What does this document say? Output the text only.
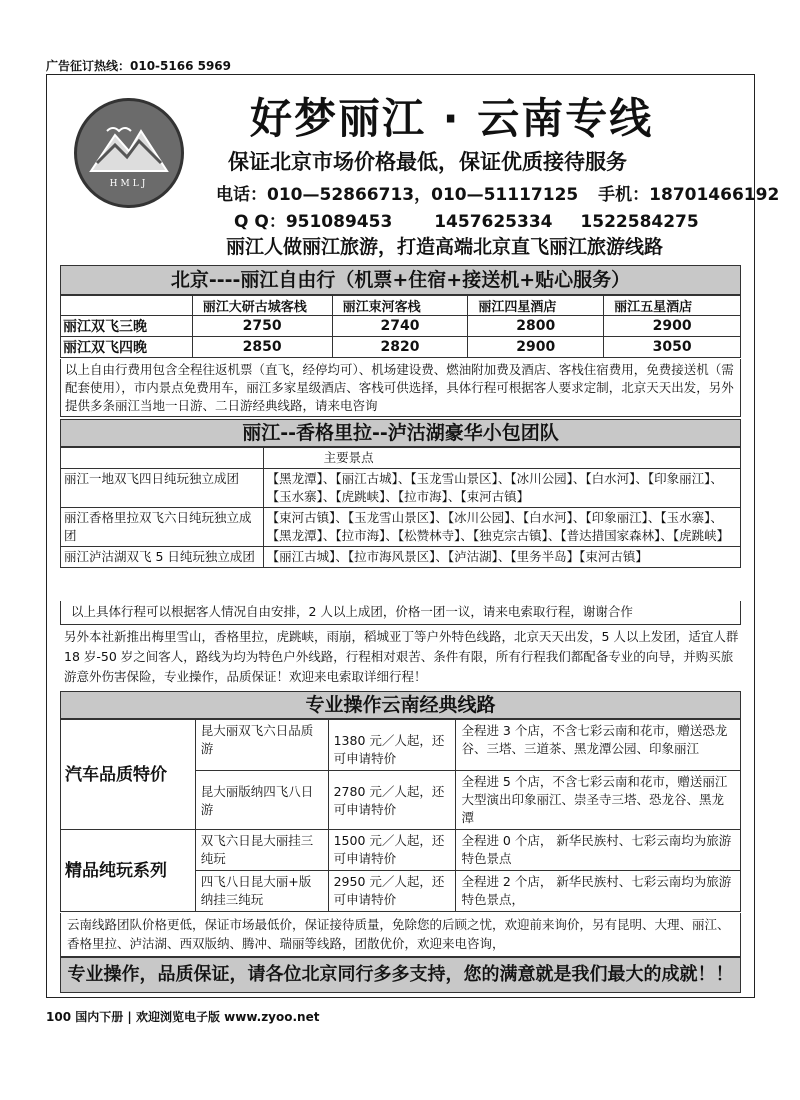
广告征订热线：010-5166 5969
HMLJ
好梦丽江 · 云南专线
保证北京市场价格最低，保证优质接待服务
电话：010—52866713，010—51117125 手机：18701466192
Q Q：951089453 1457625334 1522584275
丽江人做丽江旅游，打造高端北京直飞丽江旅游线路
北京----丽江自由行（机票+住宿+接送机+贴心服务）
	丽江大研古城客栈	丽江束河客栈	丽江四星酒店	丽江五星酒店
丽江双飞三晚	2750	2740	2800	2900
丽江双飞四晚	2850	2820	2900	3050
以上自由行费用包含全程往返机票（直飞，经停均可）、机场建设费、燃油附加费及酒店、客栈住宿费用，免费接送机（需配套使用），市内景点免费用车，丽江多家星级酒店、客栈可供选择，具体行程可根据客人要求定制，北京天天出发，另外提供多条丽江当地一日游、二日游经典线路，请来电咨询
丽江--香格里拉--泸沽湖豪华小包团队
	主要景点
丽江一地双飞四日纯玩独立成团	【黑龙潭】、【丽江古城】、【玉龙雪山景区】、【冰川公园】、【白水河】、【印象丽江】、【玉水寨】、【虎跳峡】、【拉市海】、【束河古镇】
丽江香格里拉双飞六日纯玩独立成团	【束河古镇】、【玉龙雪山景区】、【冰川公园】、【白水河】、【印象丽江】、【玉水寨】、【黑龙潭】、【拉市海】、【松赞林寺】、【独克宗古镇】、【普达措国家森林】、【虎跳峡】
丽江泸沽湖双飞 5 日纯玩独立成团	【丽江古城】、【拉市海风景区】、【泸沽湖】、【里务半岛】【束河古镇】
以上具体行程可以根据客人情况自由安排，2 人以上成团，价格一团一议，请来电索取行程，谢谢合作
另外本社新推出梅里雪山，香格里拉，虎跳峡，雨崩，稻城亚丁等户外特色线路，北京天天出发，5 人以上发团，适宜人群 18 岁-50 岁之间客人，路线为均为特色户外线路，行程相对艰苦、条件有限，所有行程我们都配备专业的向导，并购买旅游意外伤害保险，专业操作，品质保证！欢迎来电索取详细行程！
专业操作云南经典线路
汽车品质特价	昆大丽双飞六日品质游	1380 元／人起，还可申请特价	全程进 3 个店，不含七彩云南和花市，赠送恐龙谷、三塔、三道茶、黑龙潭公园、印象丽江
	昆大丽版纳四飞八日游	2780 元／人起，还可申请特价	全程进 5 个店，不含七彩云南和花市，赠送丽江大型演出印象丽江、崇圣寺三塔、恐龙谷、黑龙潭
精品纯玩系列	双飞六日昆大丽挂三纯玩	1500 元／人起，还可申请特价	全程进 0 个店， 新华民族村、七彩云南均为旅游特色景点
	四飞八日昆大丽+版纳挂三纯玩	2950 元／人起，还可申请特价	全程进 2 个店， 新华民族村、七彩云南均为旅游特色景点，
云南线路团队价格更低，保证市场最低价，保证接待质量，免除您的后顾之忧，欢迎前来询价，另有昆明、大理、丽江、香格里拉、泸沽湖、西双版纳、腾冲、瑞丽等线路，团散优价，欢迎来电咨询，
专业操作，品质保证，请各位北京同行多多支持，您的满意就是我们最大的成就！！
100 国内下册 | 欢迎浏览电子版 www.zyoo.net
